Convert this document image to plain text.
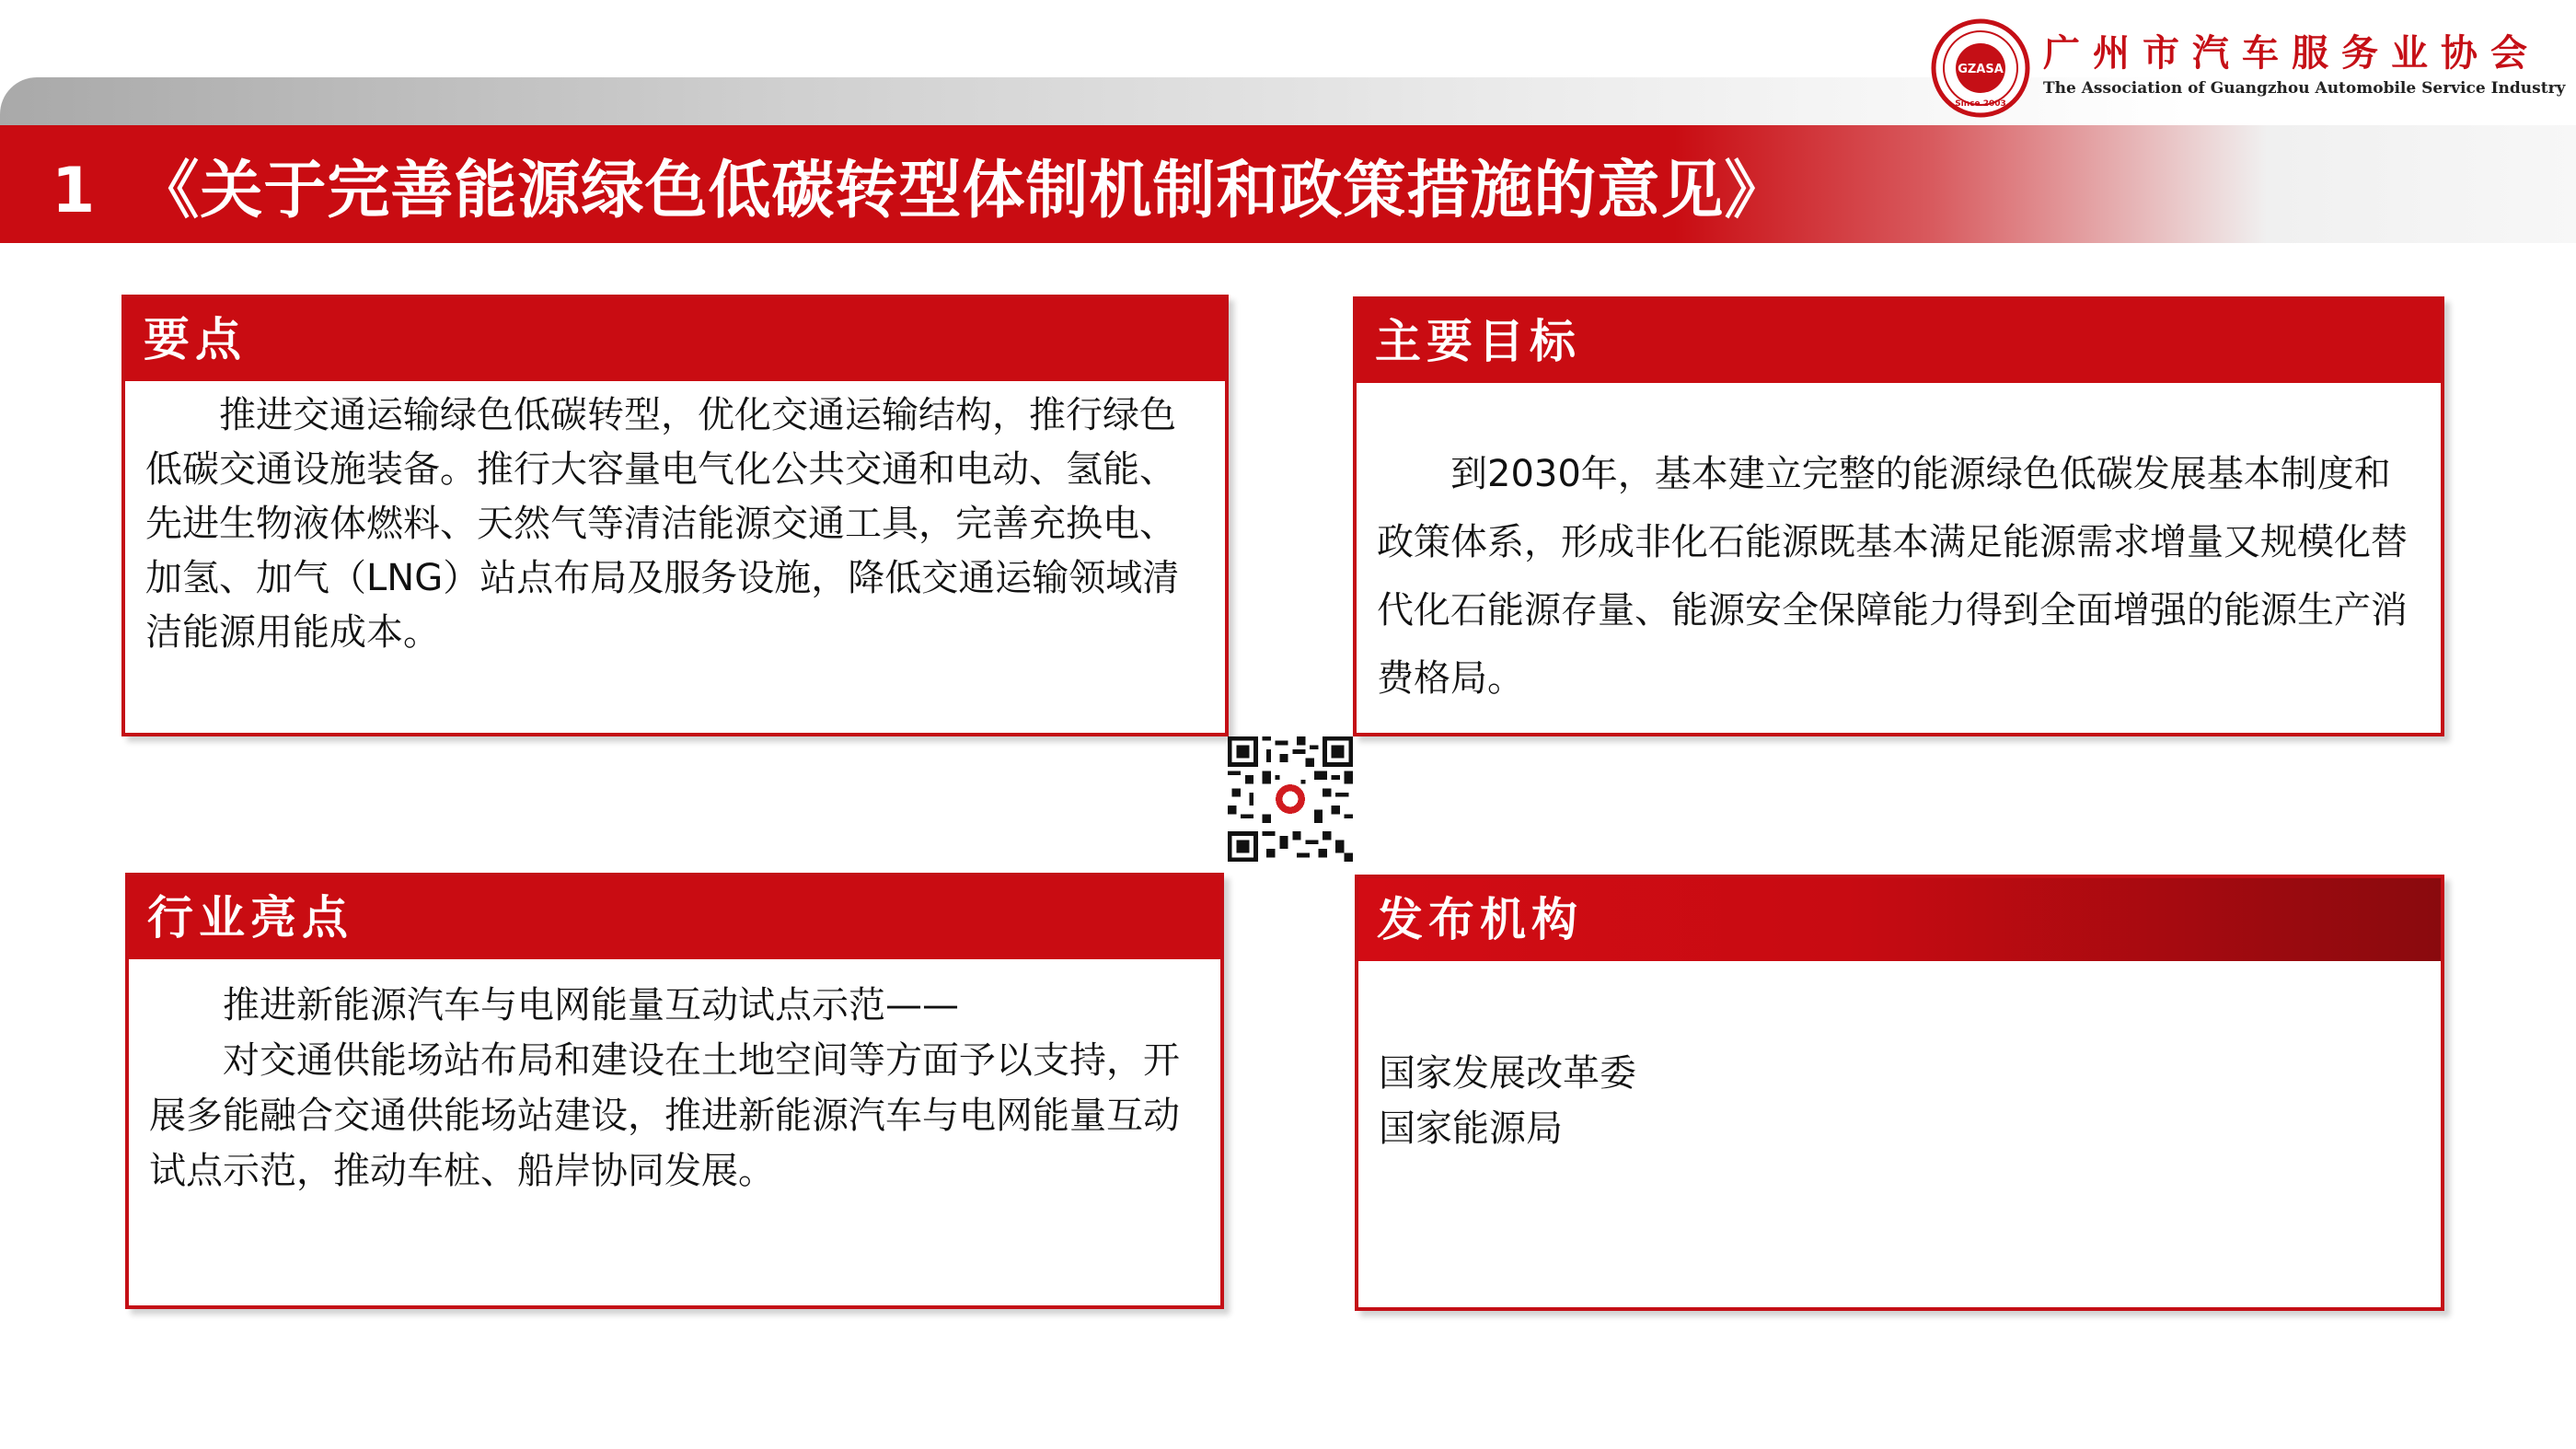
1 《关于完善能源绿色低碳转型体制机制和政策措施的意见》
GZASA
Since 2003
广州市汽车服务业协会
The Association of Guangzhou Automobile Service Industry
要点

推进交通运输绿色低碳转型，优化交通运输结构，推行绿色低碳交通设施装备。推行大容量电气化公共交通和电动、氢能、先进生物液体燃料、天然气等清洁能源交通工具，完善充换电、加氢、加气（LNG）站点布局及服务设施，降低交通运输领域清洁能源用能成本。

主要目标

到2030年，基本建立完整的能源绿色低碳发展基本制度和政策体系，形成非化石能源既基本满足能源需求增量又规模化替代化石能源存量、能源安全保障能力得到全面增强的能源生产消费格局。

行业亮点

推进新能源汽车与电网能量互动试点示范——

对交通供能场站布局和建设在土地空间等方面予以支持，开展多能融合交通供能场站建设，推进新能源汽车与电网能量互动试点示范，推动车桩、船岸协同发展。

发布机构

国家发展改革委

国家能源局
